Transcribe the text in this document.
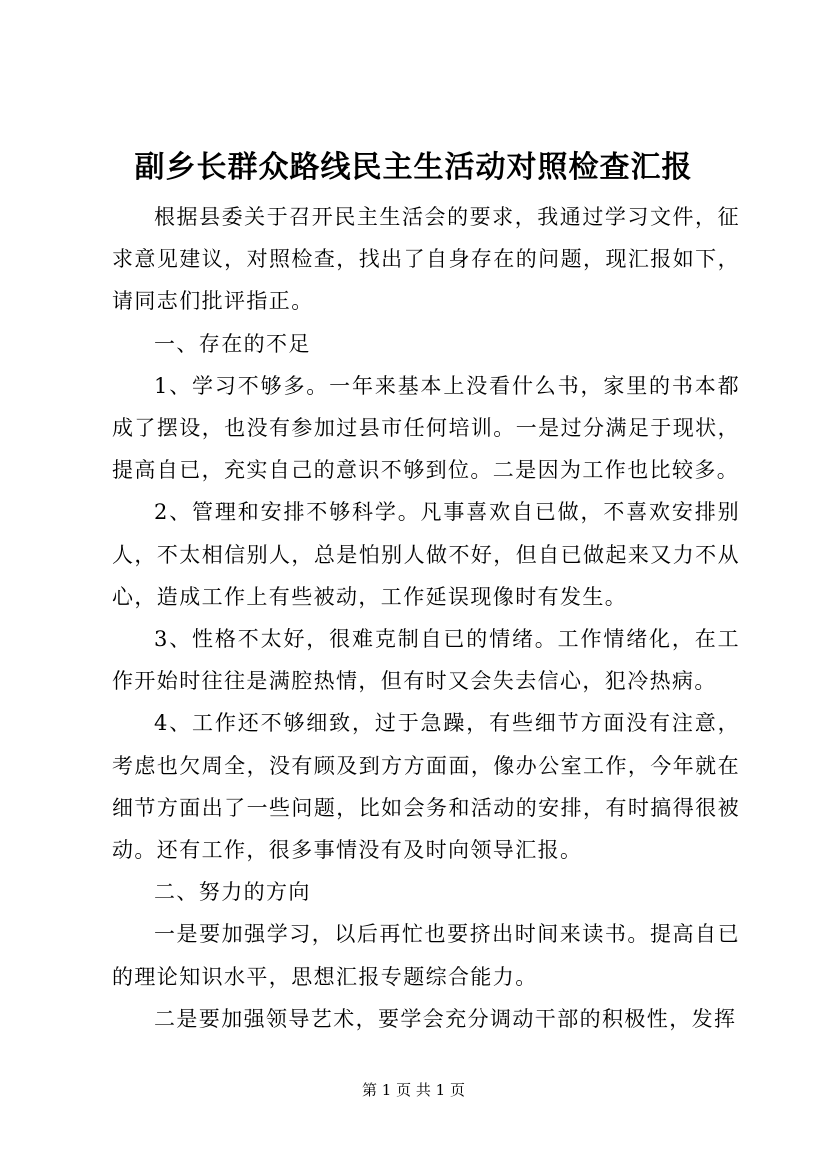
副乡长群众路线民主生活动对照检查汇报

根据县委关于召开民主生活会的要求，我通过学习文件，征求意见建议，对照检查，找出了自身存在的问题，现汇报如下，请同志们批评指正。

一、存在的不足

1、学习不够多。一年来基本上没看什么书，家里的书本都成了摆设，也没有参加过县市任何培训。一是过分满足于现状，提高自已，充实自己的意识不够到位。二是因为工作也比较多。

2、管理和安排不够科学。凡事喜欢自已做，不喜欢安排别人，不太相信别人，总是怕别人做不好，但自已做起来又力不从心，造成工作上有些被动，工作延误现像时有发生。

3、性格不太好，很难克制自已的情绪。工作情绪化，在工作开始时往往是满腔热情，但有时又会失去信心，犯冷热病。

4、工作还不够细致，过于急躁，有些细节方面没有注意，考虑也欠周全，没有顾及到方方面面，像办公室工作，今年就在细节方面出了一些问题，比如会务和活动的安排，有时搞得很被动。还有工作，很多事情没有及时向领导汇报。

二、努力的方向

一是要加强学习，以后再忙也要挤出时间来读书。提高自已的理论知识水平，思想汇报专题综合能力。

二是要加强领导艺术，要学会充分调动干部的积极性，发挥

第 1 页 共 1 页
